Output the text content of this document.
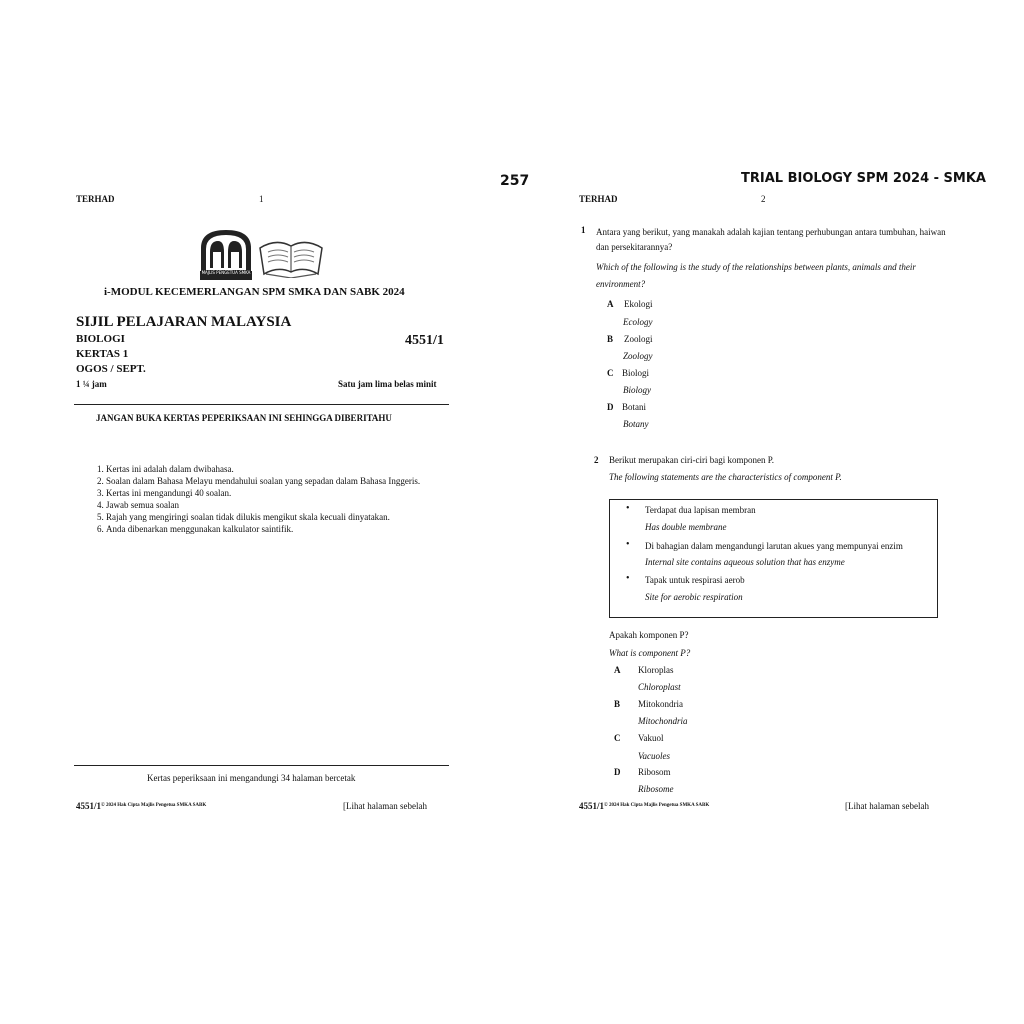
257	TRIAL BIOLOGY SPM 2024 - SMKA
TERHAD	1
MAJLIS PENGETUA SMKA
i-MODUL KECEMERLANGAN SPM SMKA DAN SABK 2024
SIJIL PELAJARAN MALAYSIA
BIOLOGI	4551/1
KERTAS 1
OGOS / SEPT.
1 ¼ jam	Satu jam lima belas minit
JANGAN BUKA KERTAS PEPERIKSAAN INI SEHINGGA DIBERITAHU
1. Kertas ini adalah dalam dwibahasa.
2. Soalan dalam Bahasa Melayu mendahului soalan yang sepadan dalam Bahasa Inggeris.
3. Kertas ini mengandungi 40 soalan.
4. Jawab semua soalan
5. Rajah yang mengiringi soalan tidak dilukis mengikut skala kecuali dinyatakan.
6. Anda dibenarkan menggunakan kalkulator saintifik.
Kertas peperiksaan ini mengandungi 34 halaman bercetak
4551/1 © 2024 Hak Cipta Majlis Pengetua SMKA SABK	[Lihat halaman sebelah
TERHAD	2
1 Antara yang berikut, yang manakah adalah kajian tentang perhubungan antara tumbuhan, haiwan dan persekitarannya?
Which of the following is the study of the relationships between plants, animals and their environment?
A Ekologi
Ecology
B Zoologi
Zoology
C Biologi
Biology
D Botani
Botany
2 Berikut merupakan ciri-ciri bagi komponen P.
The following statements are the characteristics of component P.
• Terdapat dua lapisan membran
Has double membrane
• Di bahagian dalam mengandungi larutan akues yang mempunyai enzim
Internal site contains aqueous solution that has enzyme
• Tapak untuk respirasi aerob
Site for aerobic respiration
Apakah komponen P?
What is component P?
A Kloroplas
Chloroplast
B Mitokondria
Mitochondria
C Vakuol
Vacuoles
D Ribosom
Ribosome
4551/1 © 2024 Hak Cipta Majlis Pengetua SMKA SABK	[Lihat halaman sebelah
